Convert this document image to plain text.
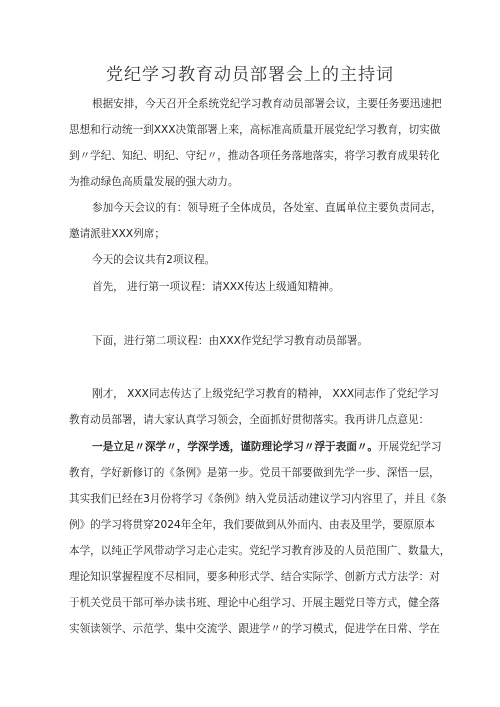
党纪学习教育动员部署会上的主持词
根据安排，今天召开全系统党纪学习教育动员部署会议，主要任务要迅速把
思想和行动统一到XXX决策部署上来，高标准高质量开展党纪学习教育，切实做
到〃学纪、知纪、明纪、守纪〃，推动各项任务落地落实，将学习教育成果转化
为推动绿色高质量发展的强大动力。
参加今天会议的有：领导班子全体成员，各处室、直属单位主要负责同志，
邀请派驻XXX列席；
今天的会议共有2项议程。
首先， 进行第一项议程：请XXX传达上级通知精神。
下面，进行第二项议程：由XXX作党纪学习教育动员部署。
刚才， XXX同志传达了上级党纪学习教育的精神， XXX同志作了党纪学习
教育动员部署，请大家认真学习领会，全面抓好贯彻落实。我再讲几点意见：
一是立足〃深学〃，学深学透，谨防理论学习〃浮于表面〃。开展党纪学习
教育，学好新修订的《条例》是第一步。党员干部要做到先学一步、深悟一层，
其实我们已经在3月份将学习《条例》纳入党员活动建议学习内容里了，并且《条
例》的学习将贯穿2024年全年，我们要做到从外而内、由表及里学，要原原本
本学，以纯正学风带动学习走心走实。党纪学习教育涉及的人员范围广、数量大，
理论知识掌握程度不尽相同，要多种形式学、结合实际学、创新方式方法学：对
于机关党员干部可举办读书班、理论中心组学习、开展主题党日等方式，健全落
实领读领学、示范学、集中交流学、跟进学〃的学习模式，促进学在日常、学在
